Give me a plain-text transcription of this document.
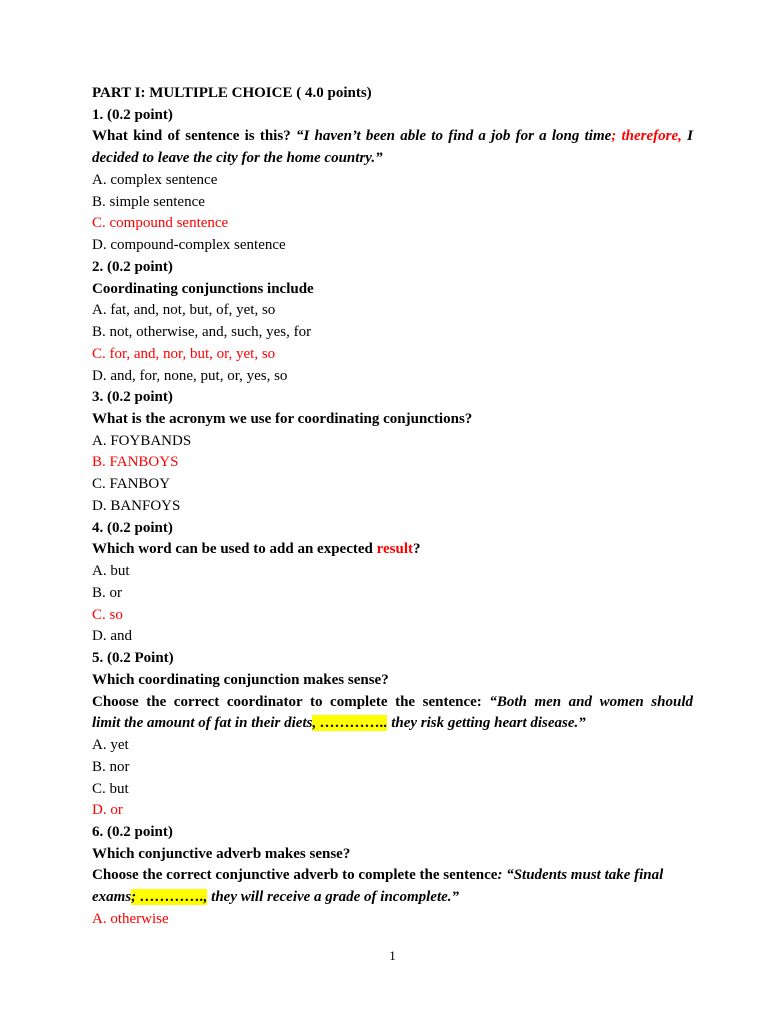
PART I: MULTIPLE CHOICE ( 4.0 points)
1. (0.2 point)
What kind of sentence is this? “I haven’t been able to find a job for a long time; therefore, I
decided to leave the city for the home country.”
A. complex sentence
B. simple sentence
C. compound sentence
D. compound-complex sentence
2. (0.2 point)
Coordinating conjunctions include
A. fat, and, not, but, of, yet, so
B. not, otherwise, and, such, yes, for
C. for, and, nor, but, or, yet, so
D. and, for, none, put, or, yes, so
3. (0.2 point)
What is the acronym we use for coordinating conjunctions?
A. FOYBANDS
B. FANBOYS
C. FANBOY
D. BANFOYS
4. (0.2 point)
Which word can be used to add an expected result?
A. but
B. or
C. so
D. and
5. (0.2 Point)
Which coordinating conjunction makes sense?
Choose the correct coordinator to complete the sentence: “Both men and women should
limit the amount of fat in their diets, ………….. they risk getting heart disease.”
A. yet
B. nor
C. but
D. or
6. (0.2 point)
Which conjunctive adverb makes sense?
Choose the correct conjunctive adverb to complete the sentence: “Students must take final
exams; …………., they will receive a grade of incomplete.”
A. otherwise
1
